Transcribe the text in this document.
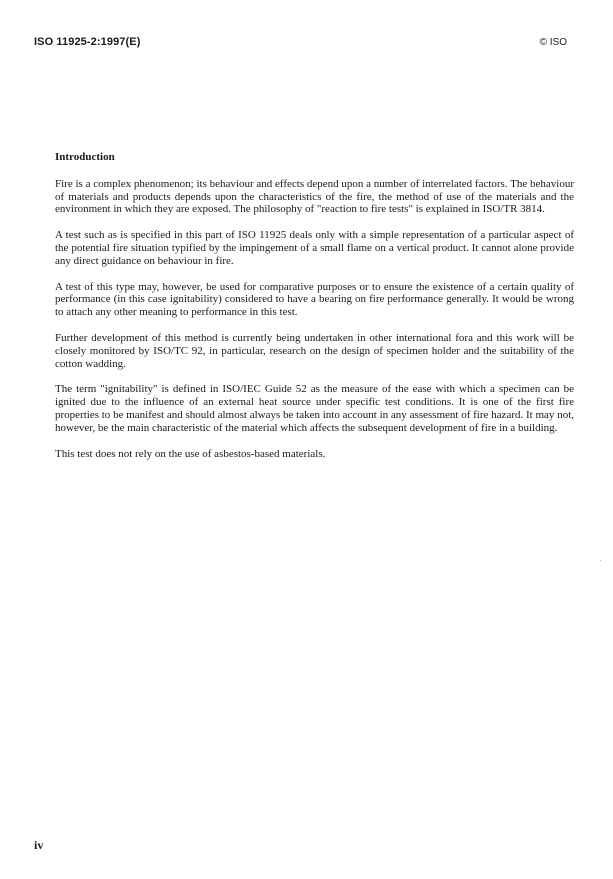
ISO 11925-2:1997(E)	© ISO
Introduction

Fire is a complex phenomenon; its behaviour and effects depend upon a number of interrelated factors. The behaviour of materials and products depends upon the characteristics of the fire, the method of use of the materials and the environment in which they are exposed. The philosophy of "reaction to fire tests" is explained in ISO/TR 3814.

A test such as is specified in this part of ISO 11925 deals only with a simple representation of a particular aspect of the potential fire situation typified by the impingement of a small flame on a vertical product. It cannot alone provide any direct guidance on behaviour in fire.

A test of this type may, however, be used for comparative purposes or to ensure the existence of a certain quality of performance (in this case ignitability) considered to have a bearing on fire performance generally. It would be wrong to attach any other meaning to performance in this test.

Further development of this method is currently being undertaken in other international fora and this work will be closely monitored by ISO/TC 92, in particular, research on the design of specimen holder and the suitability of the cotton wadding.

The term "ignitability" is defined in ISO/IEC Guide 52 as the measure of the ease with which a specimen can be ignited due to the influence of an external heat source under specific test conditions. It is one of the first fire properties to be manifest and should almost always be taken into account in any assessment of fire hazard. It may not, however, be the main characteristic of the material which affects the subsequent development of fire in a building.

This test does not rely on the use of asbestos-based materials.

iv
